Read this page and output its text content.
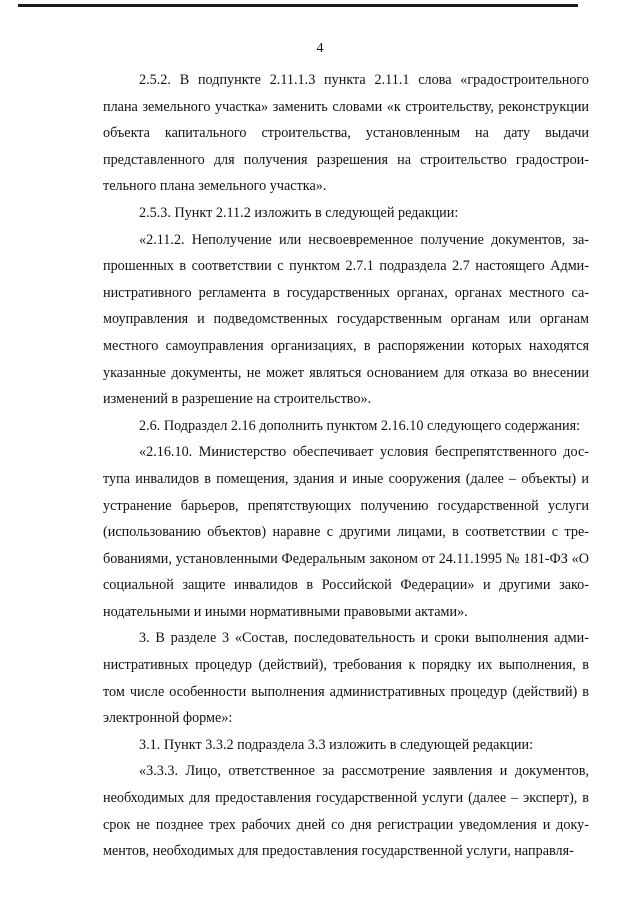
4

2.5.2. В подпункте 2.11.1.3 пункта 2.11.1 слова «градостроительного плана земельного участка» заменить словами «к строительству, реконструкции объекта капитального строительства, установленным на дату выдачи представленного для получения разрешения на строительство градостроительного плана земельного участка».

2.5.3. Пункт 2.11.2 изложить в следующей редакции:

«2.11.2. Неполучение или несвоевременное получение документов, запрошенных в соответствии с пунктом 2.7.1 подраздела 2.7 настоящего Административного регламента в государственных органах, органах местного самоуправления и подведомственных государственным органам или органам местного самоуправления организациях, в распоряжении которых находятся указанные документы, не может являться основанием для отказа во внесении изменений в разрешение на строительство».

2.6. Подраздел 2.16 дополнить пунктом 2.16.10 следующего содержания:

«2.16.10. Министерство обеспечивает условия беспрепятственного доступа инвалидов в помещения, здания и иные сооружения (далее – объекты) и устранение барьеров, препятствующих получению государственной услуги (использованию объектов) наравне с другими лицами, в соответствии с требованиями, установленными Федеральным законом от 24.11.1995 № 181-ФЗ «О социальной защите инвалидов в Российской Федерации» и другими законодательными и иными нормативными правовыми актами».

3. В разделе 3 «Состав, последовательность и сроки выполнения административных процедур (действий), требования к порядку их выполнения, в том числе особенности выполнения административных процедур (действий) в электронной форме»:

3.1. Пункт 3.3.2 подраздела 3.3 изложить в следующей редакции:

«3.3.3. Лицо, ответственное за рассмотрение заявления и документов, необходимых для предоставления государственной услуги (далее – эксперт), в срок не позднее трех рабочих дней со дня регистрации уведомления и документов, необходимых для предоставления государственной услуги, направля-
